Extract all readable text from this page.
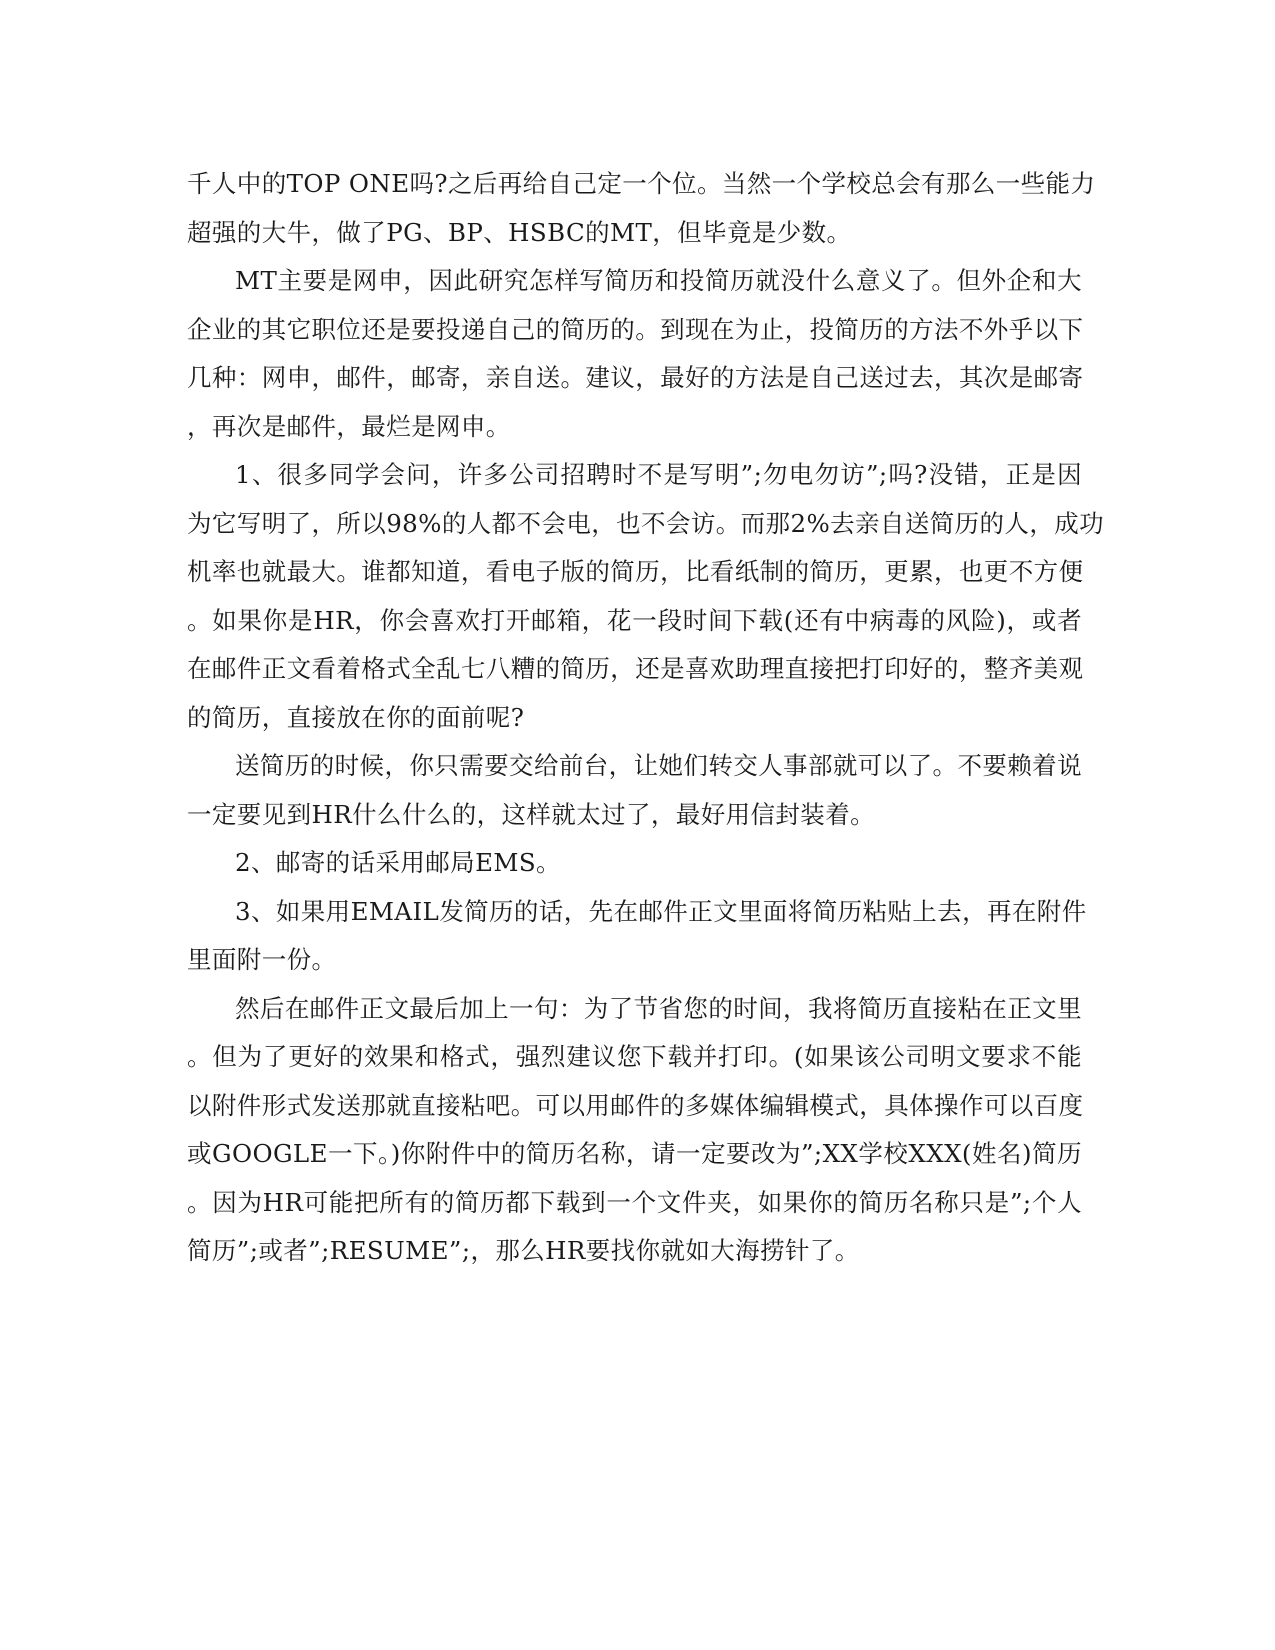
千人中的TOP ONE吗?之后再给自己定一个位。当然一个学校总会有那么一些能力
超强的大牛，做了PG、BP、HSBC的MT，但毕竟是少数。
MT主要是网申，因此研究怎样写简历和投简历就没什么意义了。但外企和大
企业的其它职位还是要投递自己的简历的。到现在为止，投简历的方法不外乎以下
几种：网申，邮件，邮寄，亲自送。建议，最好的方法是自己送过去，其次是邮寄
，再次是邮件，最烂是网申。
1、很多同学会问，许多公司招聘时不是写明”;勿电勿访”;吗?没错，正是因
为它写明了，所以98%的人都不会电，也不会访。而那2%去亲自送简历的人，成功
机率也就最大。谁都知道，看电子版的简历，比看纸制的简历，更累，也更不方便
。如果你是HR，你会喜欢打开邮箱，花一段时间下载(还有中病毒的风险)，或者
在邮件正文看着格式全乱七八糟的简历，还是喜欢助理直接把打印好的，整齐美观
的简历，直接放在你的面前呢?
送简历的时候，你只需要交给前台，让她们转交人事部就可以了。不要赖着说
一定要见到HR什么什么的，这样就太过了，最好用信封装着。
2、邮寄的话采用邮局EMS。
3、如果用EMAIL发简历的话，先在邮件正文里面将简历粘贴上去，再在附件
里面附一份。
然后在邮件正文最后加上一句：为了节省您的时间，我将简历直接粘在正文里
。但为了更好的效果和格式，强烈建议您下载并打印。(如果该公司明文要求不能
以附件形式发送那就直接粘吧。可以用邮件的多媒体编辑模式，具体操作可以百度
或GOOGLE一下。)你附件中的简历名称，请一定要改为”;XX学校XXX(姓名)简历
。因为HR可能把所有的简历都下载到一个文件夹，如果你的简历名称只是”;个人
简历”;或者”;RESUME”;，那么HR要找你就如大海捞针了。
